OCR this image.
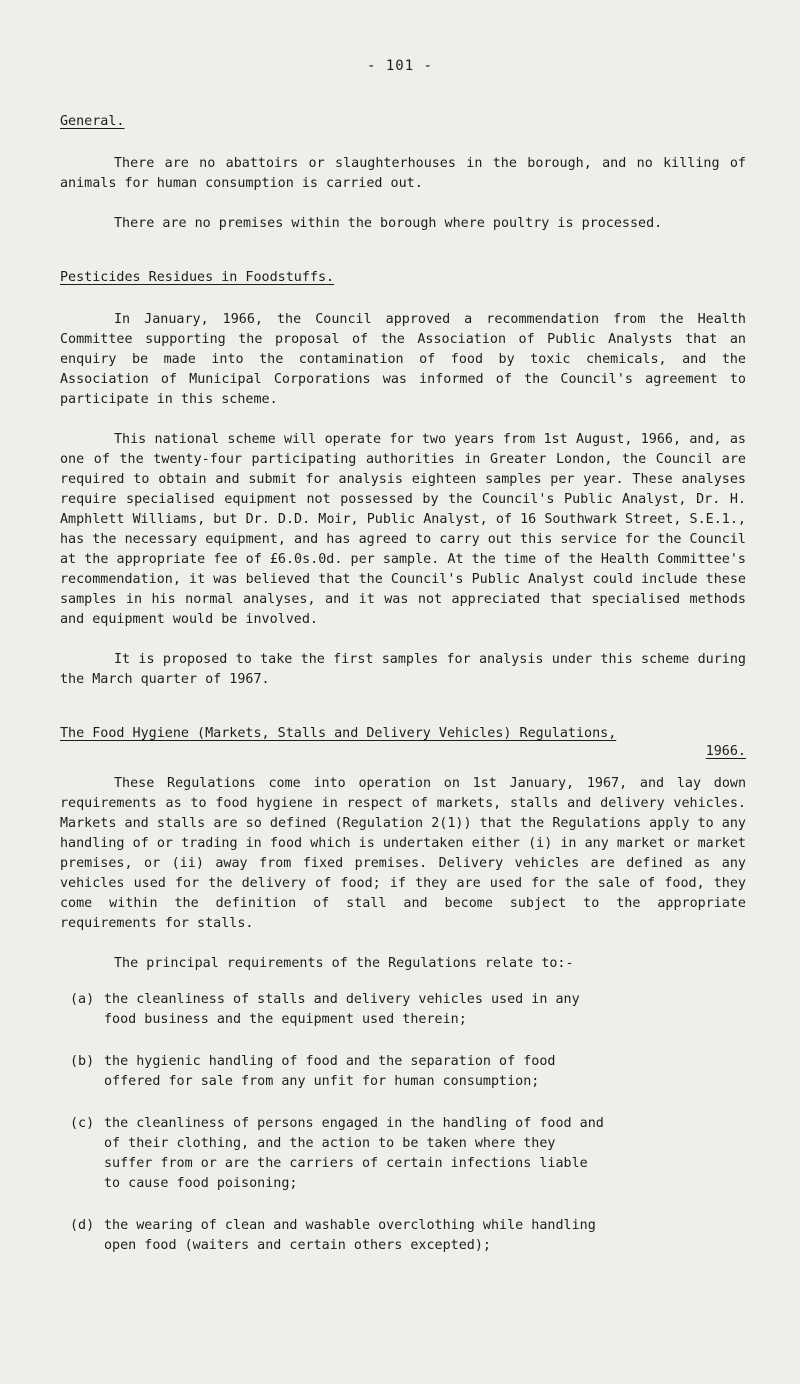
- 101 -
General.

There are no abattoirs or slaughterhouses in the borough, and no killing of animals for human consumption is carried out.

There are no premises within the borough where poultry is processed.

Pesticides Residues in Foodstuffs.

In January, 1966, the Council approved a recommendation from the Health Committee supporting the proposal of the Association of Public Analysts that an enquiry be made into the contamination of food by toxic chemicals, and the Association of Municipal Corporations was informed of the Council's agreement to participate in this scheme.

This national scheme will operate for two years from 1st August, 1966, and, as one of the twenty-four participating authorities in Greater London, the Council are required to obtain and submit for analysis eighteen samples per year. These analyses require specialised equipment not possessed by the Council's Public Analyst, Dr. H. Amphlett Williams, but Dr. D.D. Moir, Public Analyst, of 16 Southwark Street, S.E.1., has the necessary equipment, and has agreed to carry out this service for the Council at the appropriate fee of £6.0s.0d. per sample. At the time of the Health Committee's recommendation, it was believed that the Council's Public Analyst could include these samples in his normal analyses, and it was not appreciated that specialised methods and equipment would be involved.

It is proposed to take the first samples for analysis under this scheme during the March quarter of 1967.

The Food Hygiene (Markets, Stalls and Delivery Vehicles) Regulations,
1966.

These Regulations come into operation on 1st January, 1967, and lay down requirements as to food hygiene in respect of markets, stalls and delivery vehicles. Markets and stalls are so defined (Regulation 2(1)) that the Regulations apply to any handling of or trading in food which is undertaken either (i) in any market or market premises, or (ii) away from fixed premises. Delivery vehicles are defined as any vehicles used for the delivery of food; if they are used for the sale of food, they come within the definition of stall and become subject to the appropriate requirements for stalls.

The principal requirements of the Regulations relate to:-

(a) the cleanliness of stalls and delivery vehicles used in any food business and the equipment used therein;
(b) the hygienic handling of food and the separation of food offered for sale from any unfit for human consumption;
(c) the cleanliness of persons engaged in the handling of food and of their clothing, and the action to be taken where they suffer from or are the carriers of certain infections liable to cause food poisoning;
(d) the wearing of clean and washable overclothing while handling open food (waiters and certain others excepted);
